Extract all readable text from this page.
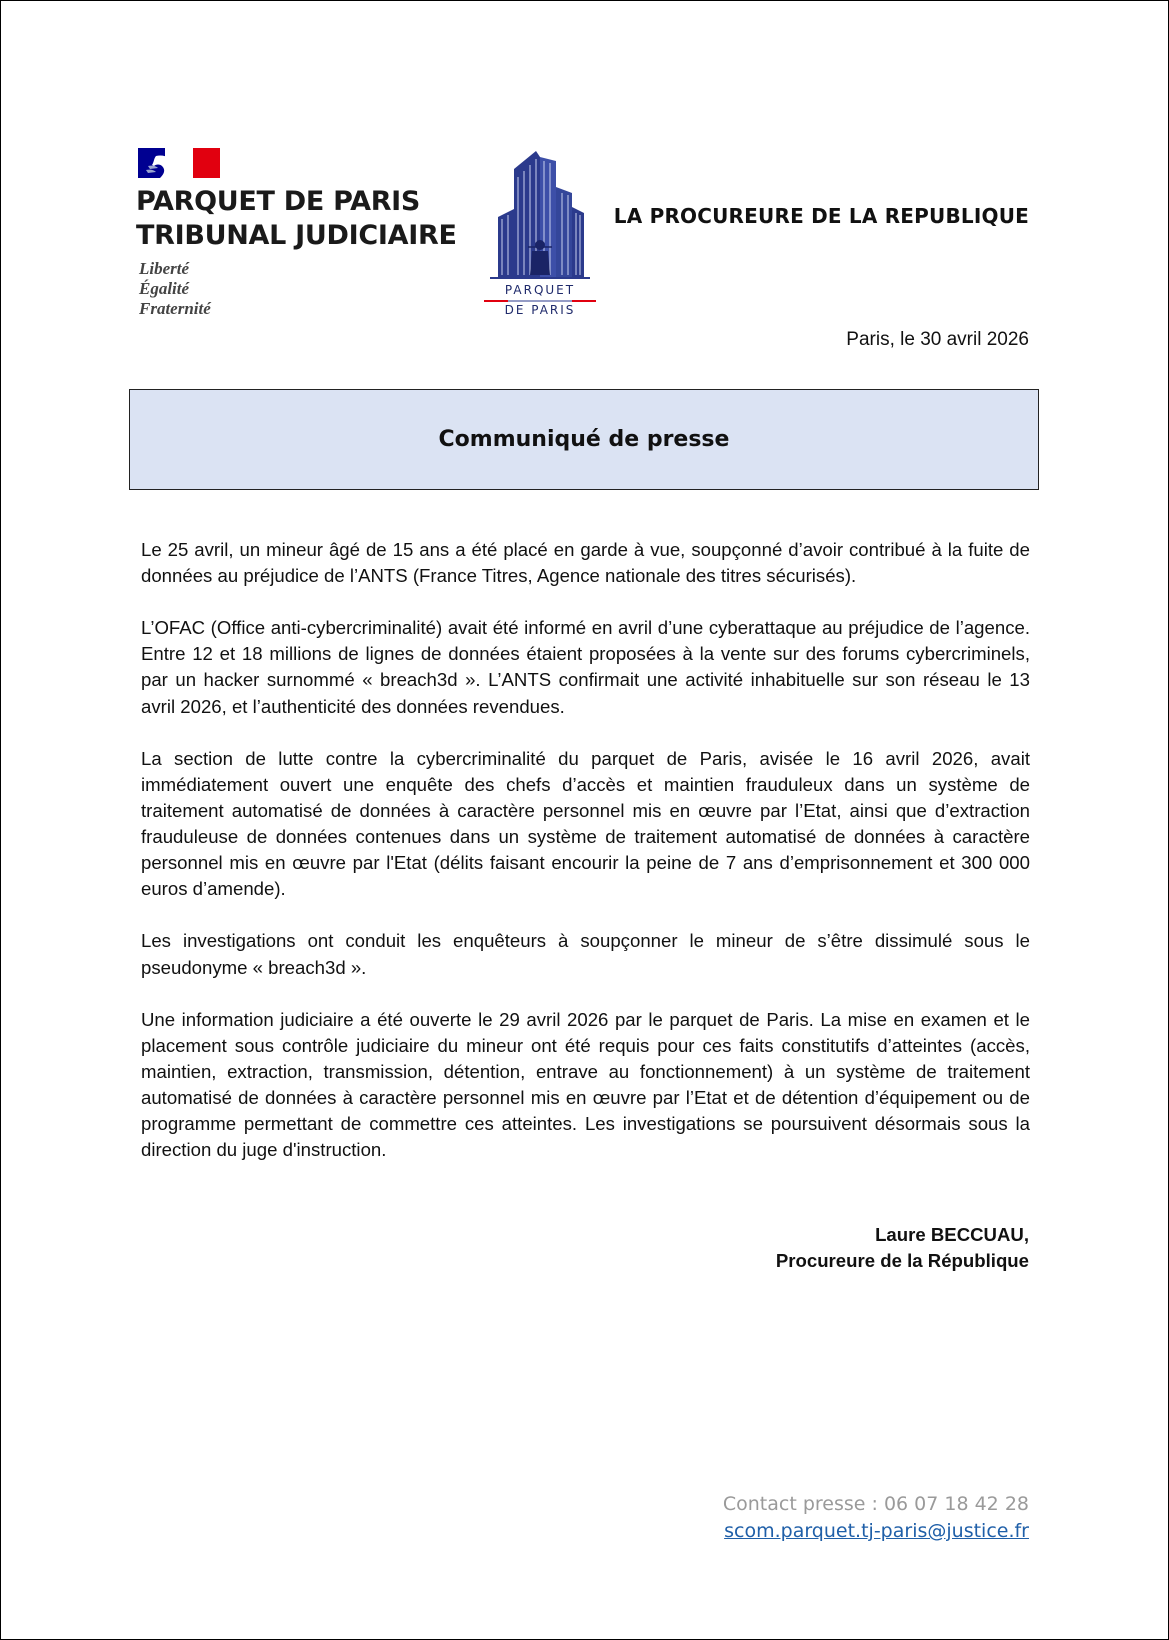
PARQUET DE PARIS
TRIBUNAL JUDICIAIRE
Liberté
Égalité
Fraternité
PARQUET
DE PARIS
LA PROCUREURE DE LA REPUBLIQUE
Paris, le 30 avril 2026
Communiqué de presse

Le 25 avril, un mineur âgé de 15 ans a été placé en garde à vue, soupçonné d’avoir contribué à la fuite de données au préjudice de l’ANTS (France Titres, Agence nationale des titres sécurisés).

L’OFAC (Office anti-cybercriminalité) avait été informé en avril d’une cyberattaque au préjudice de l’agence. Entre 12 et 18 millions de lignes de données étaient proposées à la vente sur des forums cybercriminels, par un hacker surnommé « breach3d ». L’ANTS confirmait une activité inhabituelle sur son réseau le 13 avril 2026, et l’authenticité des données revendues.

La section de lutte contre la cybercriminalité du parquet de Paris, avisée le 16 avril 2026, avait immédiatement ouvert une enquête des chefs d’accès et maintien frauduleux dans un système de traitement automatisé de données à caractère personnel mis en œuvre par l’Etat, ainsi que d’extraction frauduleuse de données contenues dans un système de traitement automatisé de données à caractère personnel mis en œuvre par l'Etat (délits faisant encourir la peine de 7 ans d’emprisonnement et 300 000 euros d’amende).

Les investigations ont conduit les enquêteurs à soupçonner le mineur de s’être dissimulé sous le pseudonyme « breach3d ».

Une information judiciaire a été ouverte le 29 avril 2026 par le parquet de Paris. La mise en examen et le placement sous contrôle judiciaire du mineur ont été requis pour ces faits constitutifs d’atteintes (accès, maintien, extraction, transmission, détention, entrave au fonctionnement) à un système de traitement automatisé de données à caractère personnel mis en œuvre par l’Etat et de détention d’équipement ou de programme permettant de commettre ces atteintes. Les investigations se poursuivent désormais sous la direction du juge d'instruction.

Laure BECCUAU,
Procureure de la République
Contact presse : 06 07 18 42 28
scom.parquet.tj-paris@justice.fr
